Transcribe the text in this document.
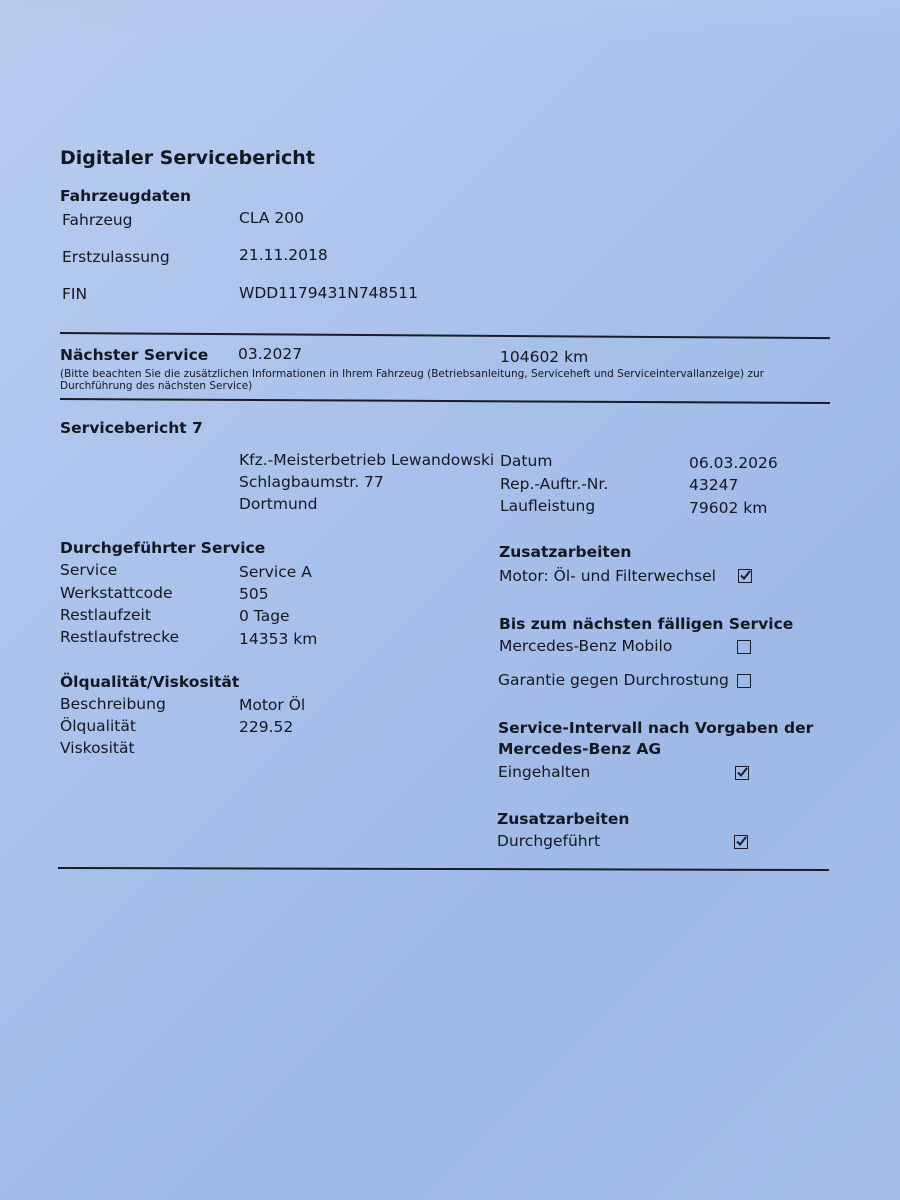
Digitaler Servicebericht
Fahrzeugdaten
Fahrzeug	CLA 200
Erstzulassung	21.11.2018
FIN	WDD1179431N748511
Nächster Service 03.2027	104602 km
(Bitte beachten Sie die zusätzlichen Informationen in Ihrem Fahrzeug (Betriebsanleitung, Serviceheft und Serviceintervallanzeige) zur Durchführung des nächsten Service)
Servicebericht 7
Kfz.-Meisterbetrieb Lewandowski
Schlagbaumstr. 77
Dortmund
Datum	06.03.2026
Rep.-Auftr.-Nr.	43247
Laufleistung	79602 km
Durchgeführter Service
Service	Service A
Werkstattcode	505
Restlaufzeit	0 Tage
Restlaufstrecke	14353 km
Ölqualität/Viskosität
Beschreibung	Motor Öl
Ölqualität	229.52
Viskosität
Zusatzarbeiten
Motor: Öl- und Filterwechsel
Bis zum nächsten fälligen Service
Mercedes-Benz Mobilo
Garantie gegen Durchrostung
Service-Intervall nach Vorgaben der
Mercedes-Benz AG
Eingehalten
Zusatzarbeiten
Durchgeführt
